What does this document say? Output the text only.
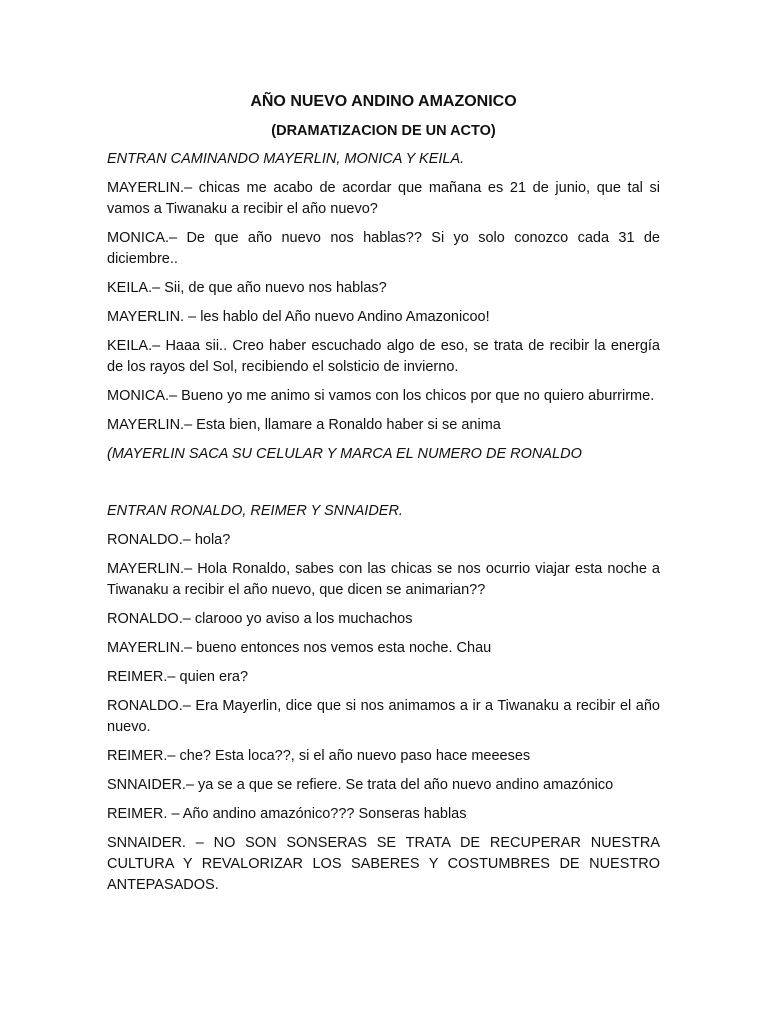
AÑO NUEVO ANDINO AMAZONICO
(DRAMATIZACION DE UN ACTO)

ENTRAN CAMINANDO MAYERLIN, MONICA Y KEILA.

MAYERLIN.– chicas me acabo de acordar que mañana es 21 de junio, que tal si vamos a Tiwanaku a recibir el año nuevo?

MONICA.– De que año nuevo nos hablas?? Si yo solo conozco cada 31 de diciembre..

KEILA.– Sii, de que año nuevo nos hablas?

MAYERLIN. – les hablo del Año nuevo Andino Amazonicoo!

KEILA.– Haaa sii.. Creo haber escuchado algo de eso, se trata de recibir la energía de los rayos del Sol, recibiendo el solsticio de invierno.

MONICA.– Bueno yo me animo si vamos con los chicos por que no quiero aburrirme.

MAYERLIN.– Esta bien, llamare a Ronaldo haber si se anima

(MAYERLIN SACA SU CELULAR Y MARCA EL NUMERO DE RONALDO

ENTRAN RONALDO, REIMER Y SNNAIDER.

RONALDO.– hola?

MAYERLIN.– Hola Ronaldo, sabes con las chicas se nos ocurrio viajar esta noche a Tiwanaku a recibir el año nuevo, que dicen se animarian??

RONALDO.– clarooo yo aviso a los muchachos

MAYERLIN.– bueno entonces nos vemos esta noche. Chau

REIMER.– quien era?

RONALDO.– Era Mayerlin, dice que si nos animamos a ir a Tiwanaku a recibir el año nuevo.

REIMER.– che? Esta loca??, si el año nuevo paso hace meeeses

SNNAIDER.– ya se a que se refiere. Se trata del año nuevo andino amazónico

REIMER. – Año andino amazónico??? Sonseras hablas

SNNAIDER. – NO SON SONSERAS SE TRATA DE RECUPERAR NUESTRA CULTURA Y REVALORIZAR LOS SABERES Y COSTUMBRES DE NUESTRO ANTEPASADOS.
